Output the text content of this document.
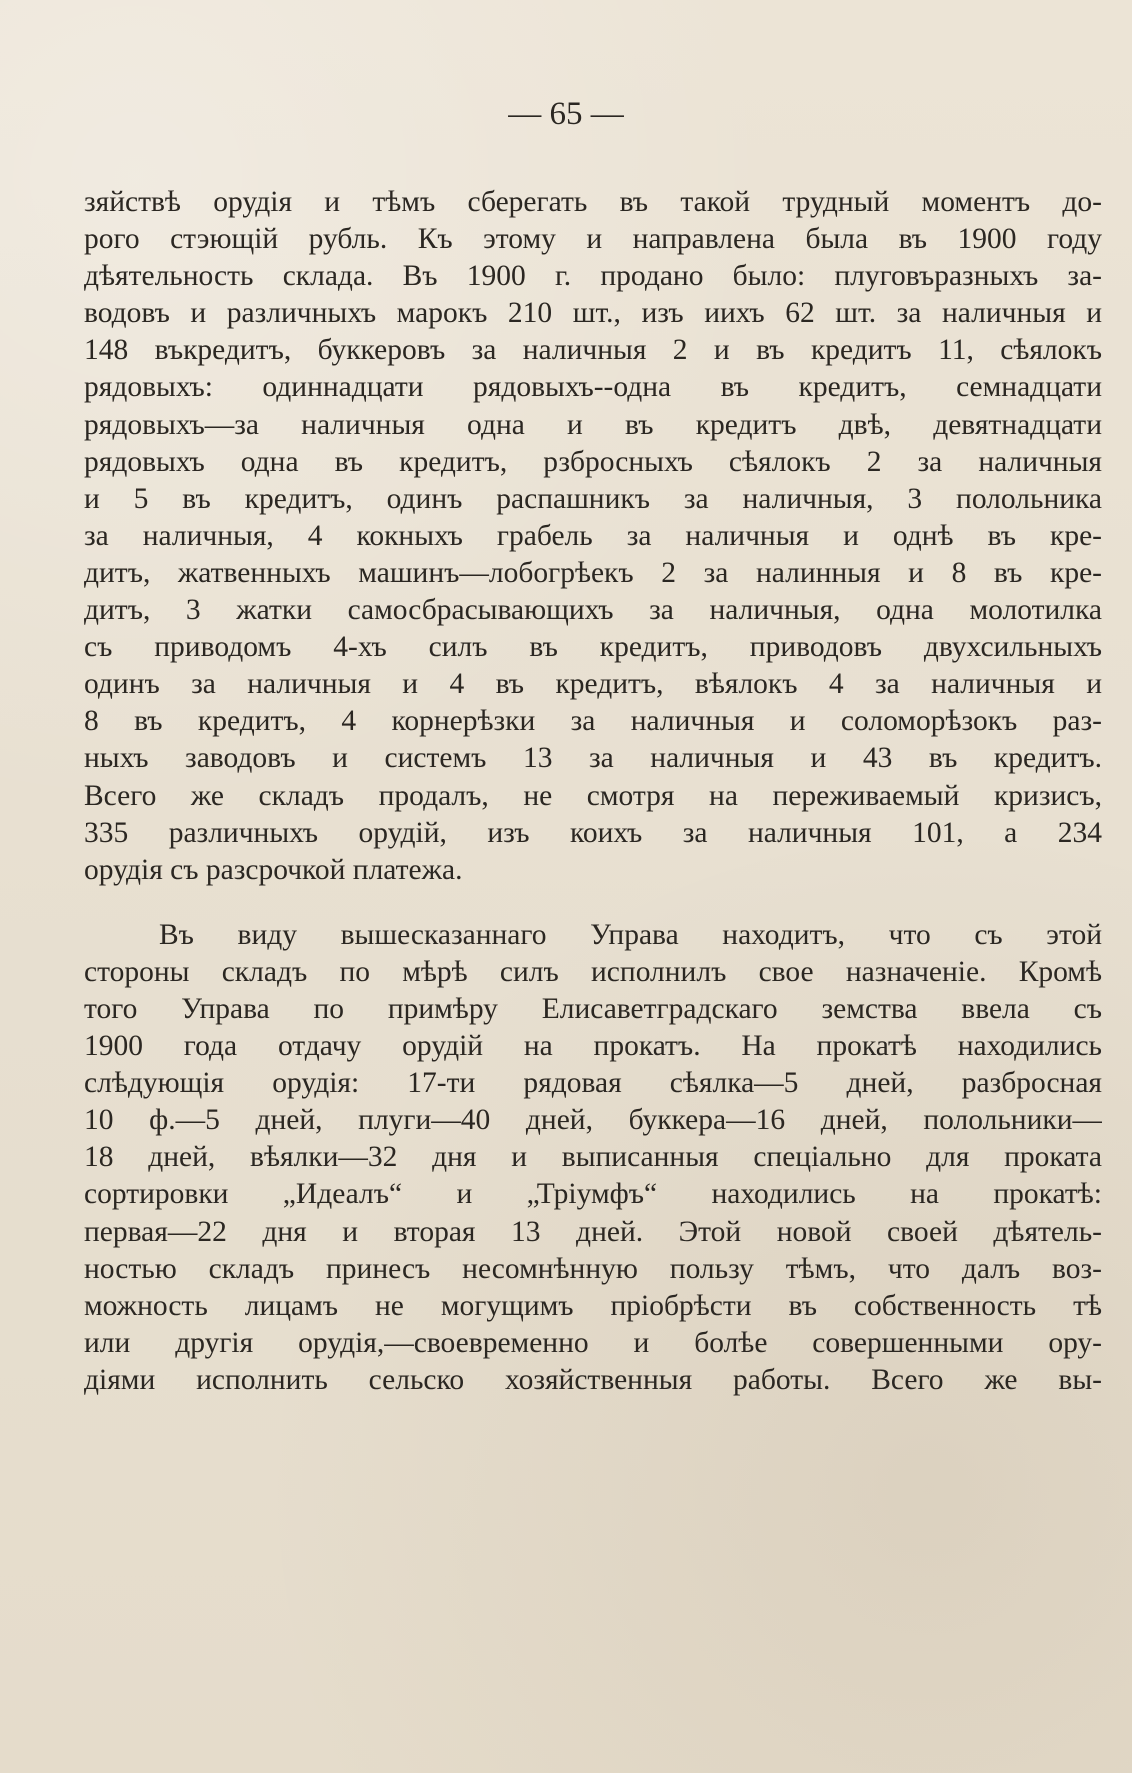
— 65 —
зяйствѣ орудія и тѣмъ сберегать въ такой трудный моментъ до-
рого стэющій рубль. Къ этому и направлена была въ 1900 году
дѣятельность склада. Въ 1900 г. продано было: плуговъразныхъ за-
водовъ и различныхъ марокъ 210 шт., изъ иихъ 62 шт. за наличныя и
148 въкредитъ, буккеровъ за наличныя 2 и въ кредитъ 11, сѣялокъ
рядовыхъ: одиннадцати рядовыхъ--одна въ кредитъ, семнадцати
рядовыхъ—за наличныя одна и въ кредитъ двѣ, девятнадцати
рядовыхъ одна въ кредитъ, рзбросныхъ сѣялокъ 2 за наличныя
и 5 въ кредитъ, одинъ распашникъ за наличныя, 3 полольника
за наличныя, 4 кокныхъ грабель за наличныя и однѣ въ кре-
дитъ, жатвенныхъ машинъ—лобогрѣекъ 2 за налинныя и 8 въ кре-
дитъ, 3 жатки самосбрасывающихъ за наличныя, одна молотилка
съ приводомъ 4-хъ силъ въ кредитъ, приводовъ двухсильныхъ
одинъ за наличныя и 4 въ кредитъ, вѣялокъ 4 за наличныя и
8 въ кредитъ, 4 корнерѣзки за наличныя и соломорѣзокъ раз-
ныхъ заводовъ и системъ 13 за наличныя и 43 въ кредитъ.
Всего же складъ продалъ, не смотря на переживаемый кризисъ,
335 различныхъ орудій, изъ коихъ за наличныя 101, а 234
орудія съ разсрочкой платежа.
Въ виду вышесказаннаго Управа находитъ, что съ этой
стороны складъ по мѣрѣ силъ исполнилъ свое назначеніе. Кромѣ
того Управа по примѣру Елисаветградскаго земства ввела съ
1900 года отдачу орудій на прокатъ. На прокатѣ находились
слѣдующія орудія: 17-ти рядовая сѣялка—5 дней, разбросная
10 ф.—5 дней, плуги—40 дней, буккера—16 дней, полольники—
18 дней, вѣялки—32 дня и выписанныя спеціально для проката
сортировки „Идеалъ“ и „Тріумфъ“ находились на прокатѣ:
первая—22 дня и вторая 13 дней. Этой новой своей дѣятель-
ностью складъ принесъ несомнѣнную пользу тѣмъ, что далъ воз-
можность лицамъ не могущимъ пріобрѣсти въ собственность тѣ
или другія орудія,—своевременно и болѣе совершенными ору-
діями исполнить сельско хозяйственныя работы. Всего же вы-
